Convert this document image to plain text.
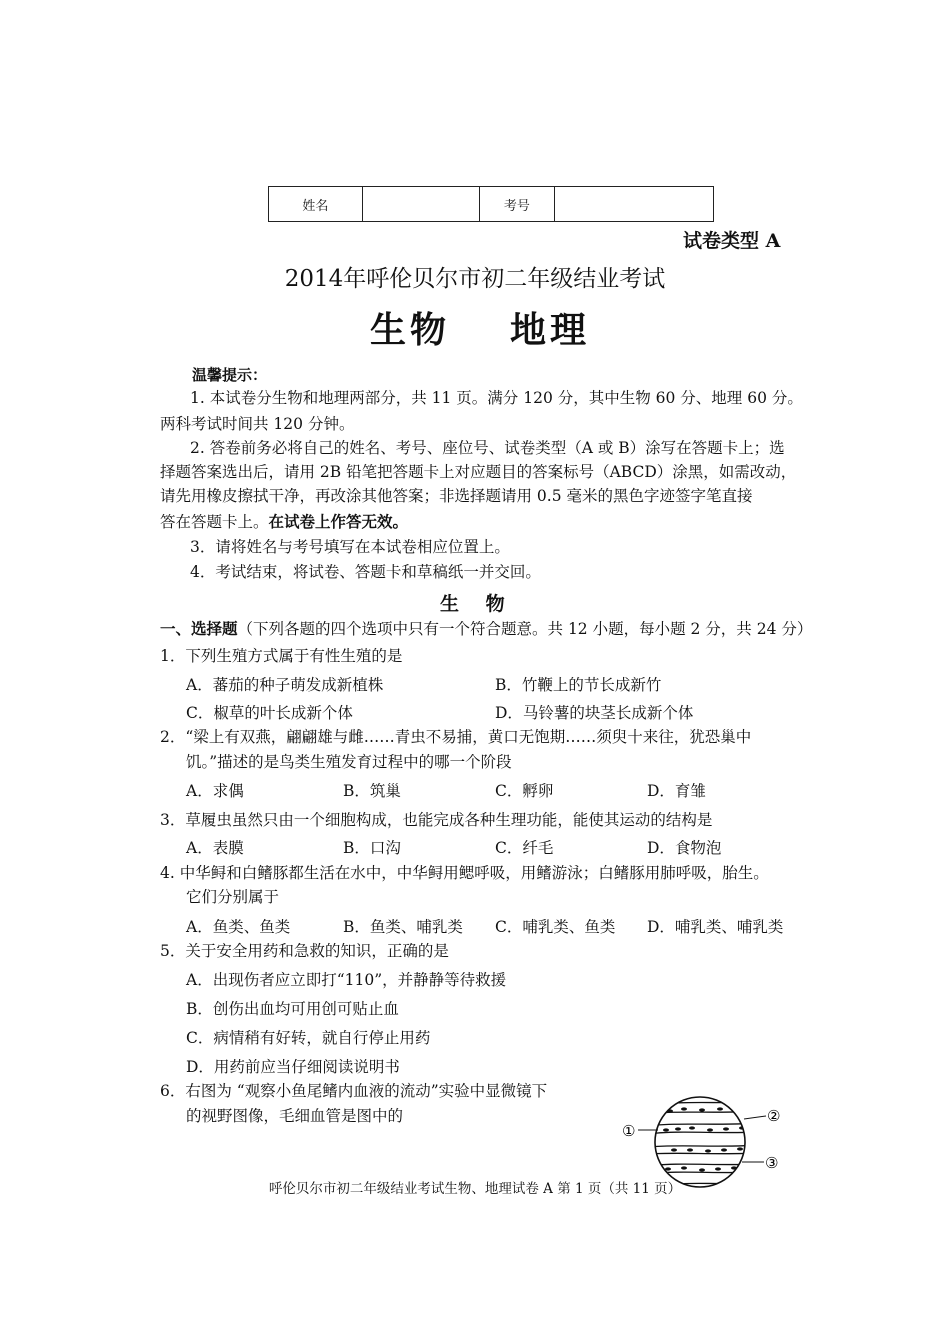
姓名		考号	
试卷类型 A
2014年呼伦贝尔市初二年级结业考试
生物 地理
温馨提示：
1. 本试卷分生物和地理两部分，共 11 页。满分 120 分，其中生物 60 分、地理 60 分。
两科考试时间共 120 分钟。
2. 答卷前务必将自己的姓名、考号、座位号、试卷类型（A 或 B）涂写在答题卡上；选
择题答案选出后，请用 2B 铅笔把答题卡上对应题目的答案标号（ABCD）涂黑，如需改动，
请先用橡皮擦拭干净，再改涂其他答案；非选择题请用 0.5 毫米的黑色字迹签字笔直接
答在答题卡上。在试卷上作答无效。
3．请将姓名与考号填写在本试卷相应位置上。
4．考试结束，将试卷、答题卡和草稿纸一并交回。
生 物
一、选择题（下列各题的四个选项中只有一个符合题意。共 12 小题，每小题 2 分，共 24 分）
1．下列生殖方式属于有性生殖的是
A．蕃茄的种子萌发成新植株	B．竹鞭上的节长成新竹
C．椒草的叶长成新个体	D．马铃薯的块茎长成新个体
2．“梁上有双燕，翩翩雄与雌……青虫不易捕，黄口无饱期……须臾十来往，犹恐巢中
饥。”描述的是鸟类生殖发育过程中的哪一个阶段
A．求偶	B．筑巢	C．孵卵	D．育雏
3．草履虫虽然只由一个细胞构成，也能完成各种生理功能，能使其运动的结构是
A．表膜	B．口沟	C．纤毛	D．食物泡
4. 中华鲟和白鳍豚都生活在水中，中华鲟用鳃呼吸，用鳍游泳；白鳍豚用肺呼吸，胎生。
它们分别属于
A．鱼类、鱼类	B．鱼类、哺乳类 C．哺乳类、鱼类 D．哺乳类、哺乳类
5．关于安全用药和急救的知识，正确的是
A．出现伤者应立即打“110”，并静静等待救援
B．创伤出血均可用创可贴止血
C．病情稍有好转，就自行停止用药
D．用药前应当仔细阅读说明书
6．右图为 “观察小鱼尾鳍内血液的流动”实验中显微镜下
的视野图像，毛细血管是图中的
①
②
③
呼伦贝尔市初二年级结业考试生物、地理试卷 A 第 1 页（共 11 页）
